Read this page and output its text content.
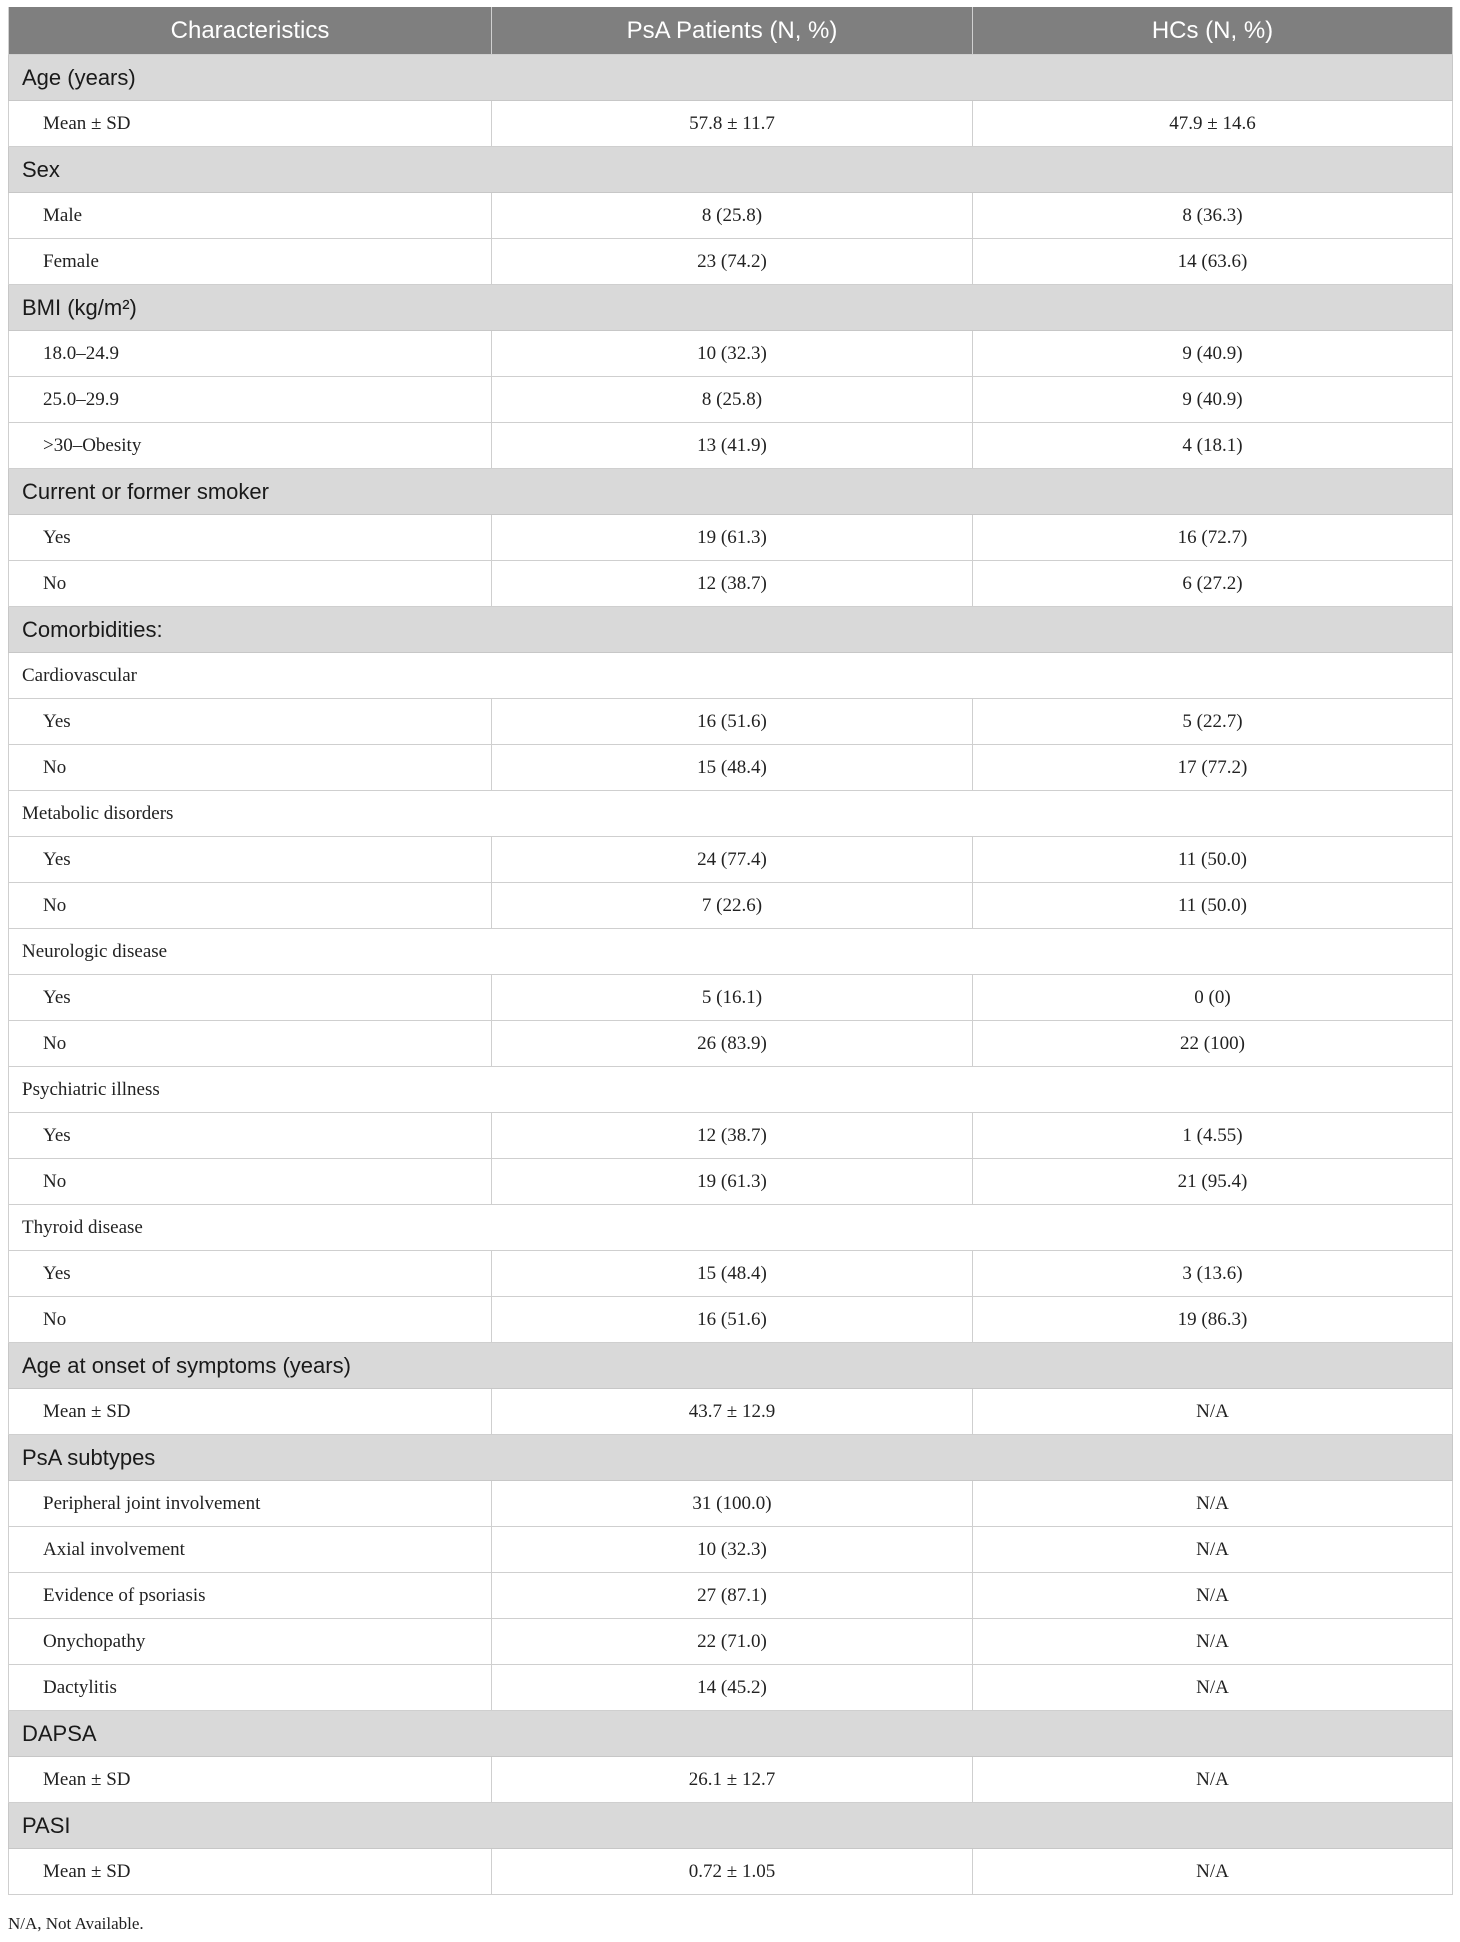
Characteristics	PsA Patients (N, %)	HCs (N, %)
Age (years)		
Mean ± SD	57.8 ± 11.7	47.9 ± 14.6
Sex		
Male	8 (25.8)	8 (36.3)
Female	23 (74.2)	14 (63.6)
BMI (kg/m²)		
18.0–24.9	10 (32.3)	9 (40.9)
25.0–29.9	8 (25.8)	9 (40.9)
>30–Obesity	13 (41.9)	4 (18.1)
Current or former smoker		
Yes	19 (61.3)	16 (72.7)
No	12 (38.7)	6 (27.2)
Comorbidities:		
Cardiovascular		
Yes	16 (51.6)	5 (22.7)
No	15 (48.4)	17 (77.2)
Metabolic disorders		
Yes	24 (77.4)	11 (50.0)
No	7 (22.6)	11 (50.0)
Neurologic disease		
Yes	5 (16.1)	0 (0)
No	26 (83.9)	22 (100)
Psychiatric illness		
Yes	12 (38.7)	1 (4.55)
No	19 (61.3)	21 (95.4)
Thyroid disease		
Yes	15 (48.4)	3 (13.6)
No	16 (51.6)	19 (86.3)
Age at onset of symptoms (years)		
Mean ± SD	43.7 ± 12.9	N/A
PsA subtypes		
Peripheral joint involvement	31 (100.0)	N/A
Axial involvement	10 (32.3)	N/A
Evidence of psoriasis	27 (87.1)	N/A
Onychopathy	22 (71.0)	N/A
Dactylitis	14 (45.2)	N/A
DAPSA		
Mean ± SD	26.1 ± 12.7	N/A
PASI		
Mean ± SD	0.72 ± 1.05	N/A
N/A, Not Available.
